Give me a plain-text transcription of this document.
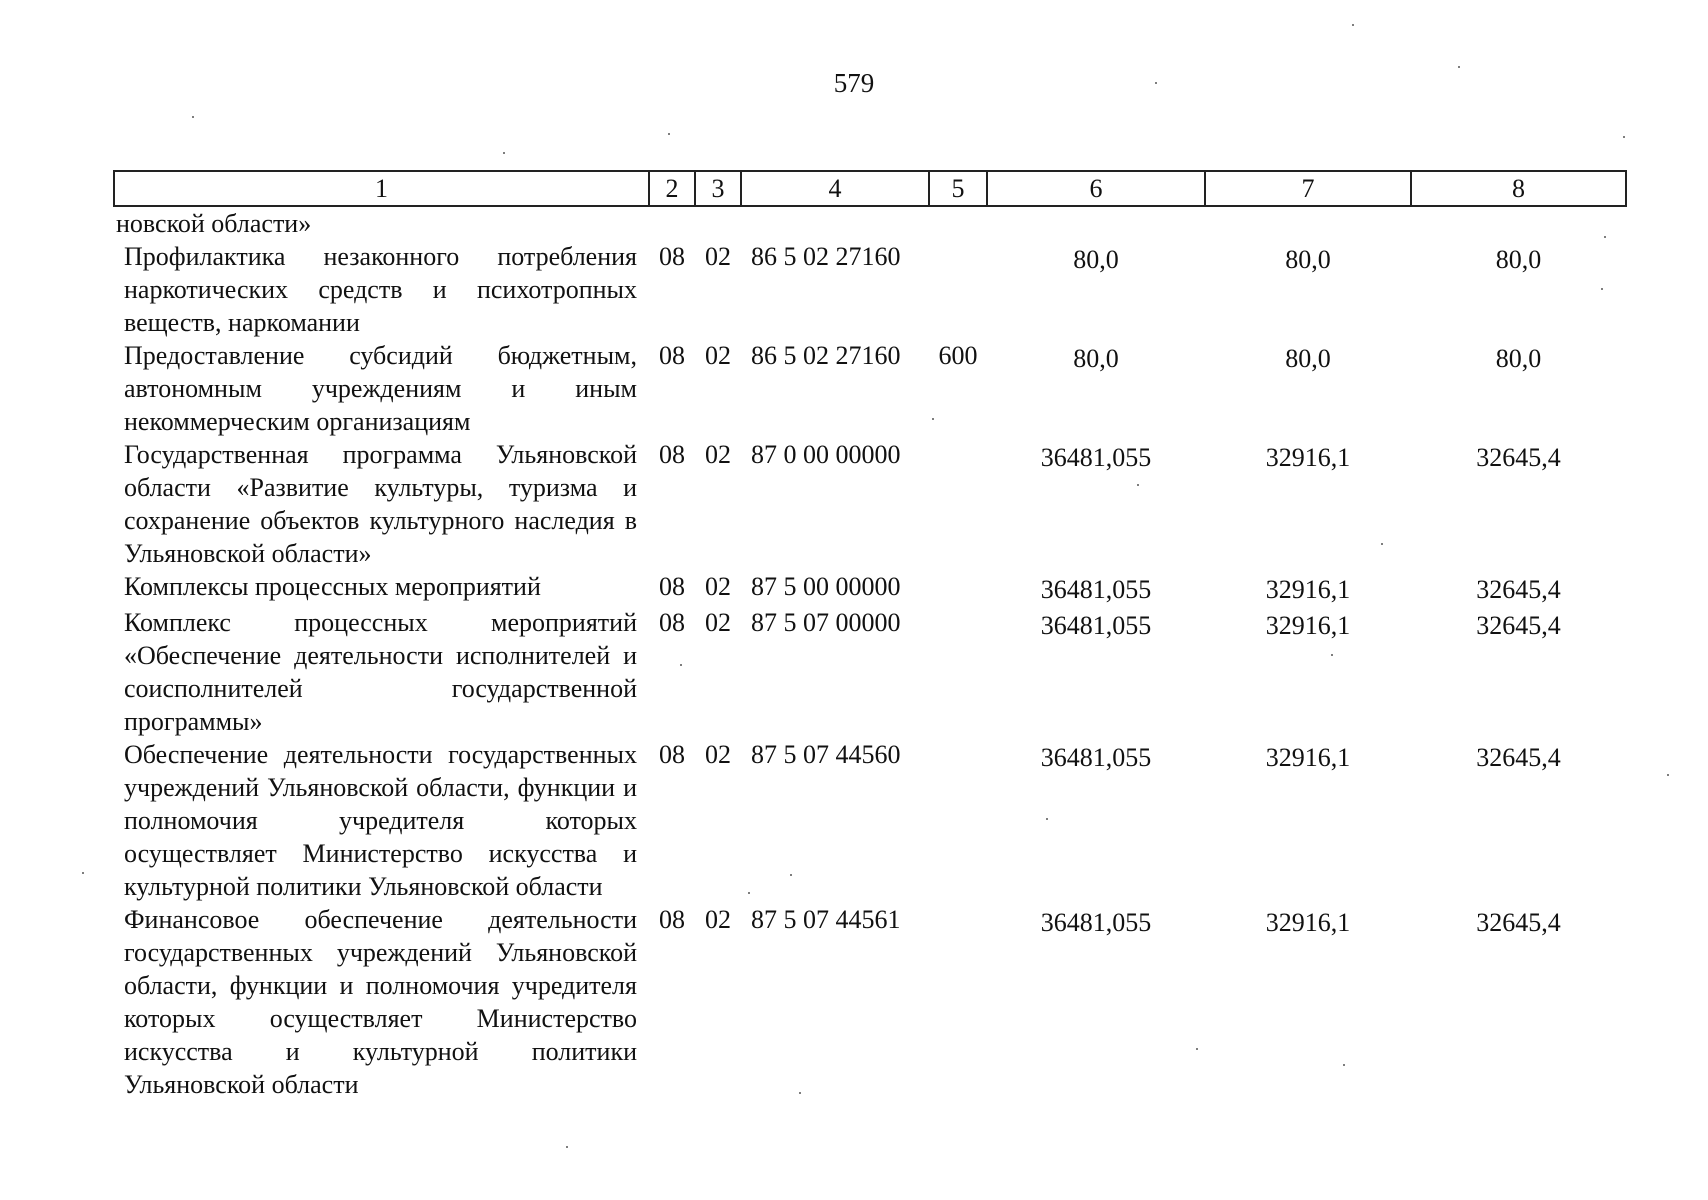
579
1	2	3	4	5	6	7	8
новской области»					

Профилактика незаконного потребления наркотических средств и психотропных веществ, наркомании	08	02	86 5 02 27160		80,0	80,0	80,0

Предоставление субсидий бюджетным, автономным учреждениям и иным некоммерческим организациям	08	02	86 5 02 27160	600	80,0	80,0	80,0

Государственная программа Ульяновской области «Развитие культуры, туризма и сохранение объектов культурного наследия в Ульяновской области»	08	02	87 0 00 00000		36481,055	32916,1	32645,4

Комплексы процессных мероприятий	08	02	87 5 00 00000		36481,055	32916,1	32645,4

Комплекс процессных мероприятий «Обеспечение деятельности исполнителей и соисполнителей государственной программы»	08	02	87 5 07 00000		36481,055	32916,1	32645,4

Обеспечение деятельности государственных учреждений Ульяновской области, функции и полномочия учредителя которых осуществляет Министерство искусства и культурной политики Ульяновской области	08	02	87 5 07 44560		36481,055	32916,1	32645,4

Финансовое обеспечение деятельности государственных учреждений Ульяновской области, функции и полномочия учредителя которых осуществляет Министерство искусства и культурной политики Ульяновской области	08	02	87 5 07 44561		36481,055	32916,1	32645,4
